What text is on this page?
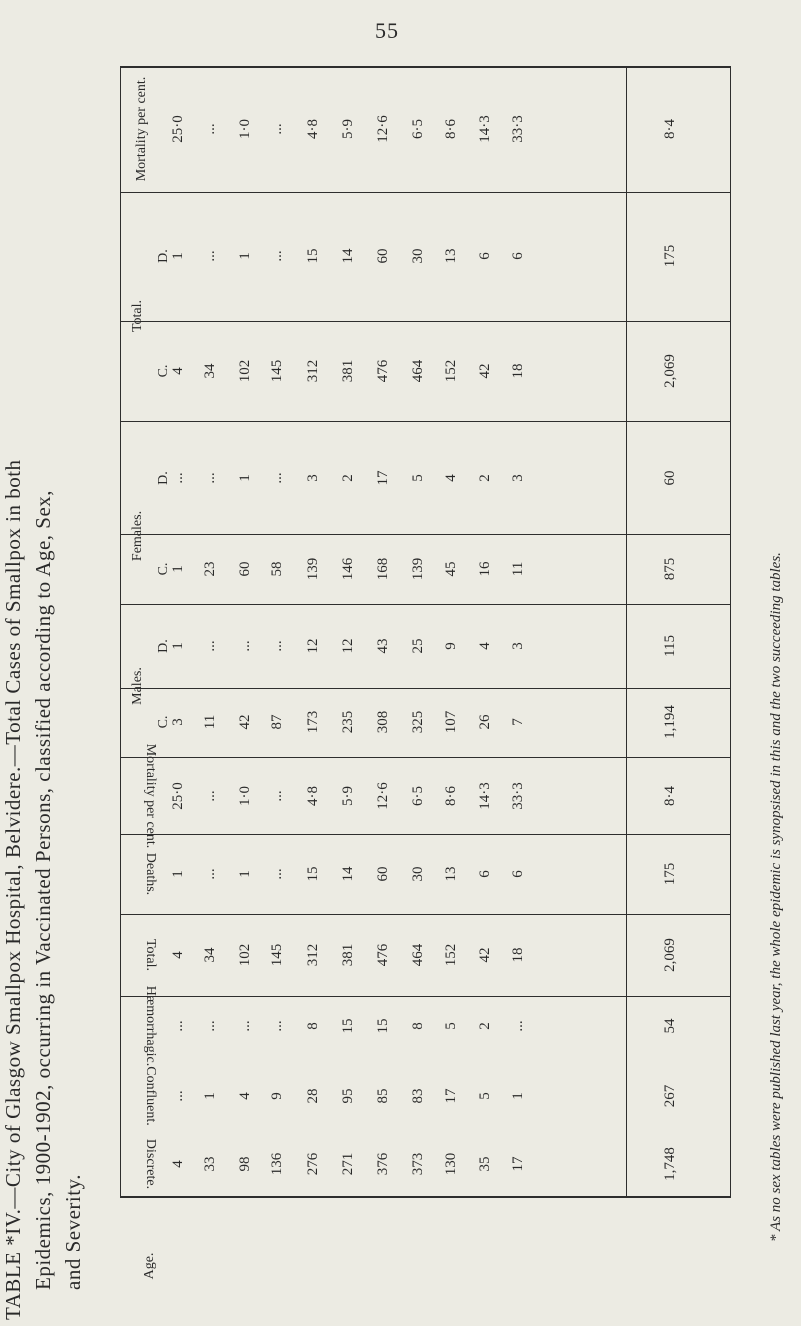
55
TABLE *IV.—City of Glasgow Smallpox Hospital, Belvidere.—Total Cases of Smallpox in both Epidemics, 1900-1902, occurring in Vaccinated Persons, classified according to Age, Sex, and Severity.	* As no sex tables were published last year, the whole epidemic is synopsised in this and the two succeeding tables.
Mortality per cent.
Total.
D.
C.
Females.
D.
C.
Males.
D.
C.
Mortality per cent.
Deaths.
Total.
Hæmorrhagic.
Confluent.
Discrete.
Age.
25·0
1
4
...
1
1
3
25·0
1
4
...
...
4
...
...
34
...
23
...
11
...
...
34
...
1
33
1·0
1
102
1
60
...
42
1·0
1
102
...
4
98
...
...
145
...
58
...
87
...
...
145
...
9
136
4·8
15
312
3
139
12
173
4·8
15
312
8
28
276
5·9
14
381
2
146
12
235
5·9
14
381
15
95
271
12·6
60
476
17
168
43
308
12·6
60
476
15
85
376
6·5
30
464
5
139
25
325
6·5
30
464
8
83
373
8·6
13
152
4
45
9
107
8·6
13
152
5
17
130
14·3
6
42
2
16
4
26
14·3
6
42
2
5
35
33·3
6
18
3
11
3
7
33·3
6
18
...
1
17
8·4
175
2,069
60
875
115
1,194
8·4
175
2,069
54
267
1,748
